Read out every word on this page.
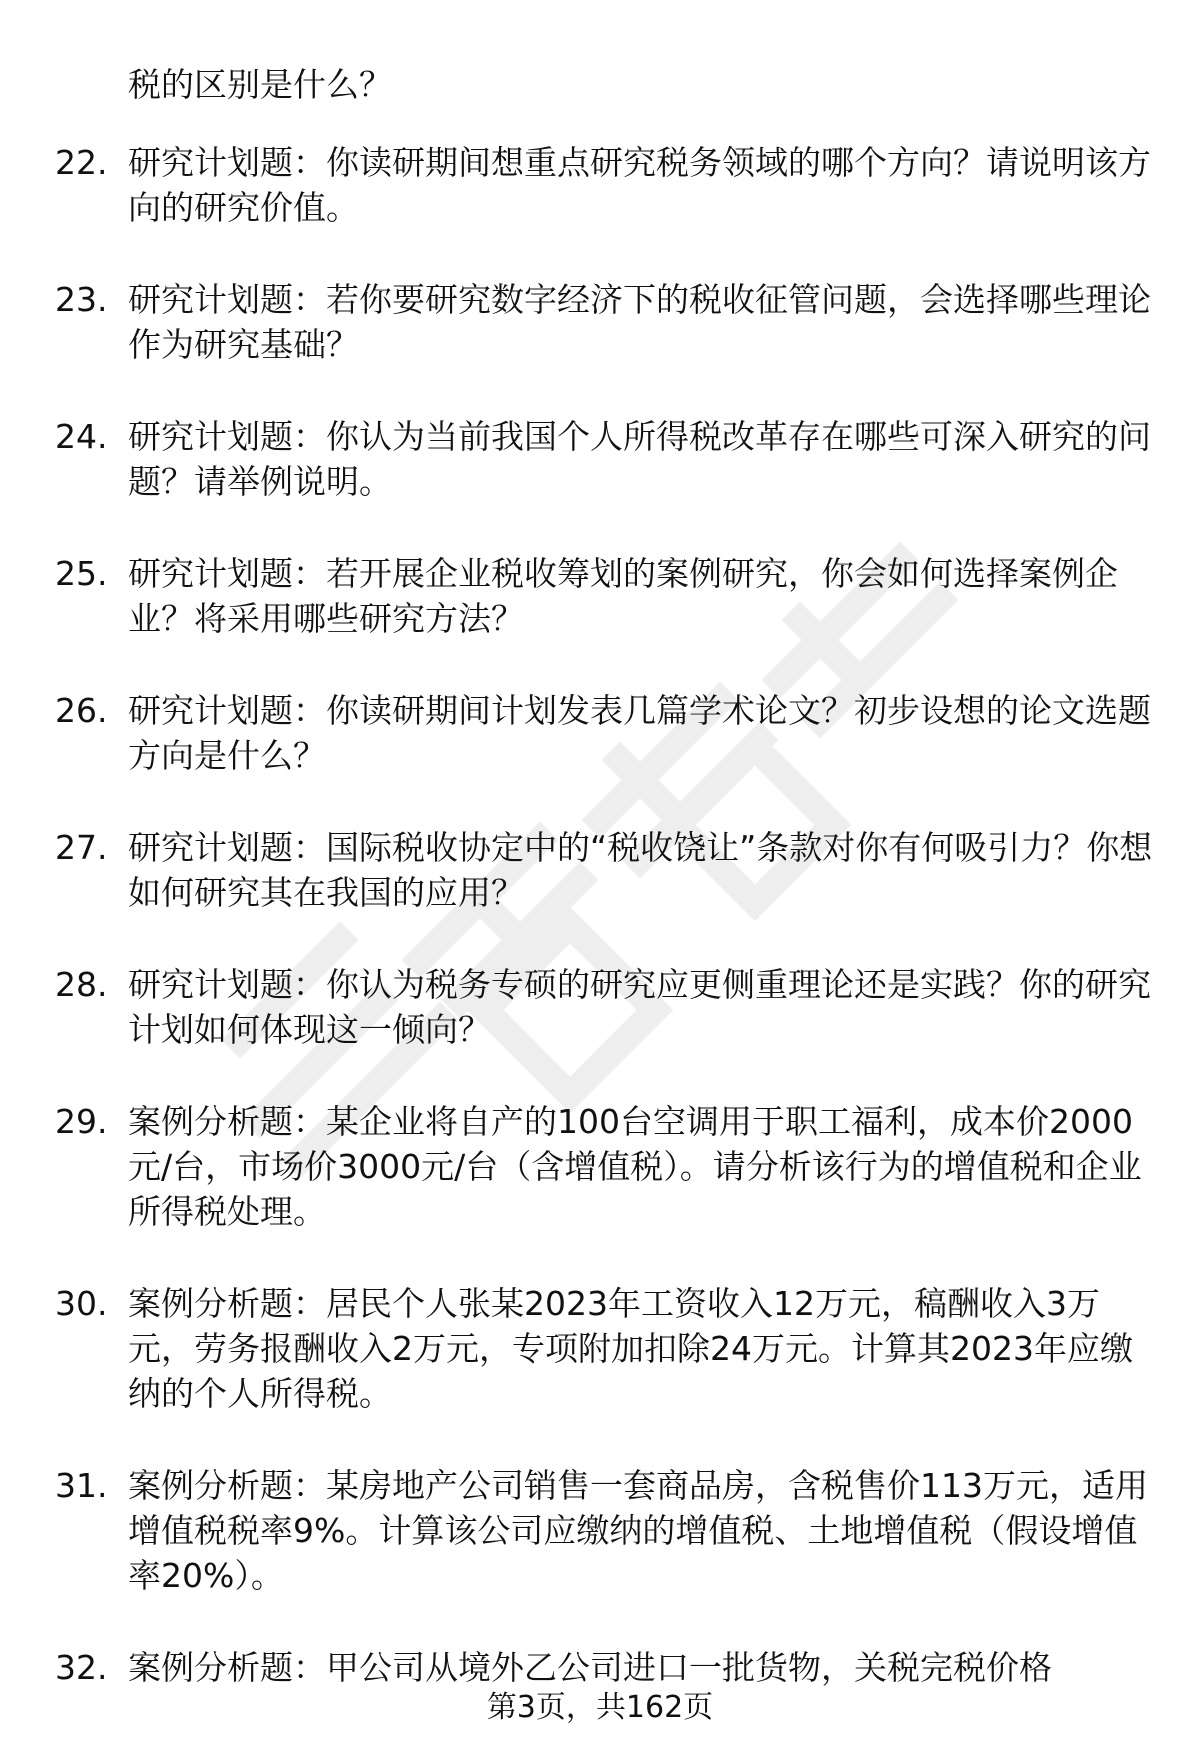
税的区别是什么？
22. 研究计划题：你读研期间想重点研究税务领域的哪个方向？请说明该方向的研究价值。
23. 研究计划题：若你要研究数字经济下的税收征管问题，会选择哪些理论作为研究基础？
24. 研究计划题：你认为当前我国个人所得税改革存在哪些可深入研究的问题？请举例说明。
25. 研究计划题：若开展企业税收筹划的案例研究，你会如何选择案例企业？将采用哪些研究方法？
26. 研究计划题：你读研期间计划发表几篇学术论文？初步设想的论文选题方向是什么？
27. 研究计划题：国际税收协定中的“税收饶让”条款对你有何吸引力？你想如何研究其在我国的应用？
28. 研究计划题：你认为税务专硕的研究应更侧重理论还是实践？你的研究计划如何体现这一倾向？
29. 案例分析题：某企业将自产的100台空调用于职工福利，成本价2000元/台，市场价3000元/台（含增值税）。请分析该行为的增值税和企业所得税处理。
30. 案例分析题：居民个人张某2023年工资收入12万元，稿酬收入3万元，劳务报酬收入2万元，专项附加扣除24万元。计算其2023年应缴纳的个人所得税。
31. 案例分析题：某房地产公司销售一套商品房，含税售价113万元，适用增值税税率9%。计算该公司应缴纳的增值税、土地增值税（假设增值率20%）。
32. 案例分析题：甲公司从境外乙公司进口一批货物，关税完税价格
第3页，共162页
